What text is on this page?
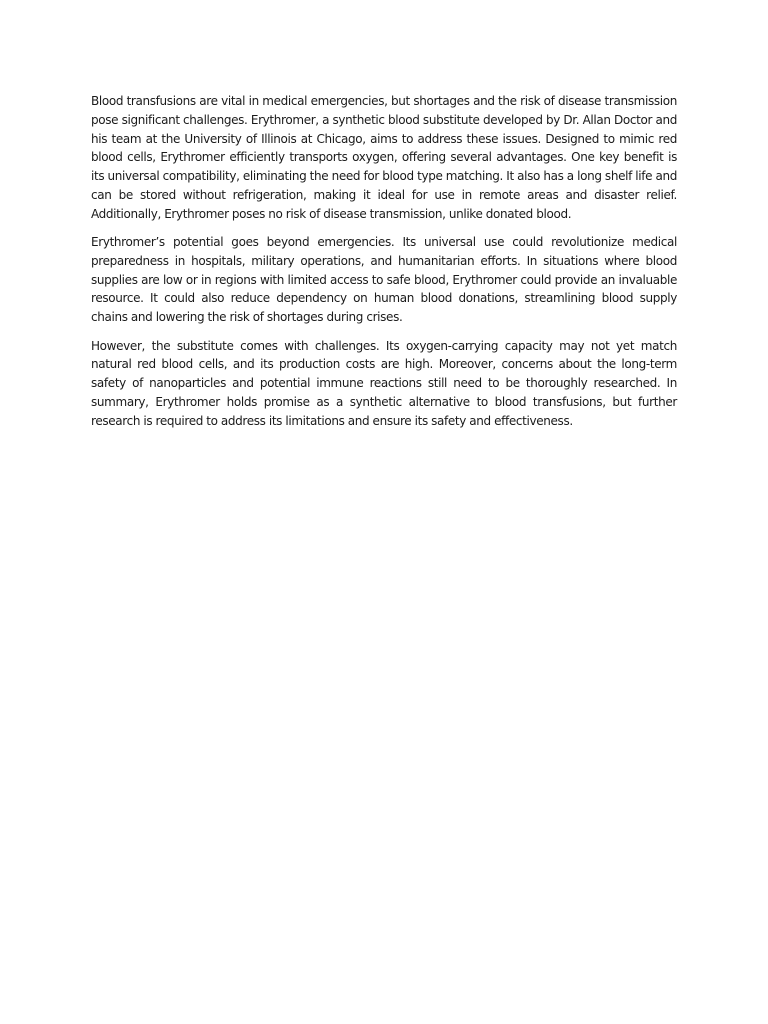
Blood transfusions are vital in medical emergencies, but shortages and the risk of disease transmission pose significant challenges. Erythromer, a synthetic blood substitute developed by Dr. Allan Doctor and his team at the University of Illinois at Chicago, aims to address these issues. Designed to mimic red blood cells, Erythromer efficiently transports oxygen, offering several advantages. One key benefit is its universal compatibility, eliminating the need for blood type matching. It also has a long shelf life and can be stored without refrigeration, making it ideal for use in remote areas and disaster relief. Additionally, Erythromer poses no risk of disease transmission, unlike donated blood.

Erythromer’s potential goes beyond emergencies. Its universal use could revolutionize medical preparedness in hospitals, military operations, and humanitarian efforts. In situations where blood supplies are low or in regions with limited access to safe blood, Erythromer could provide an invaluable resource. It could also reduce dependency on human blood donations, streamlining blood supply chains and lowering the risk of shortages during crises.

However, the substitute comes with challenges. Its oxygen-carrying capacity may not yet match natural red blood cells, and its production costs are high. Moreover, concerns about the long-term safety of nanoparticles and potential immune reactions still need to be thoroughly researched. In summary, Erythromer holds promise as a synthetic alternative to blood transfusions, but further research is required to address its limitations and ensure its safety and effectiveness.
